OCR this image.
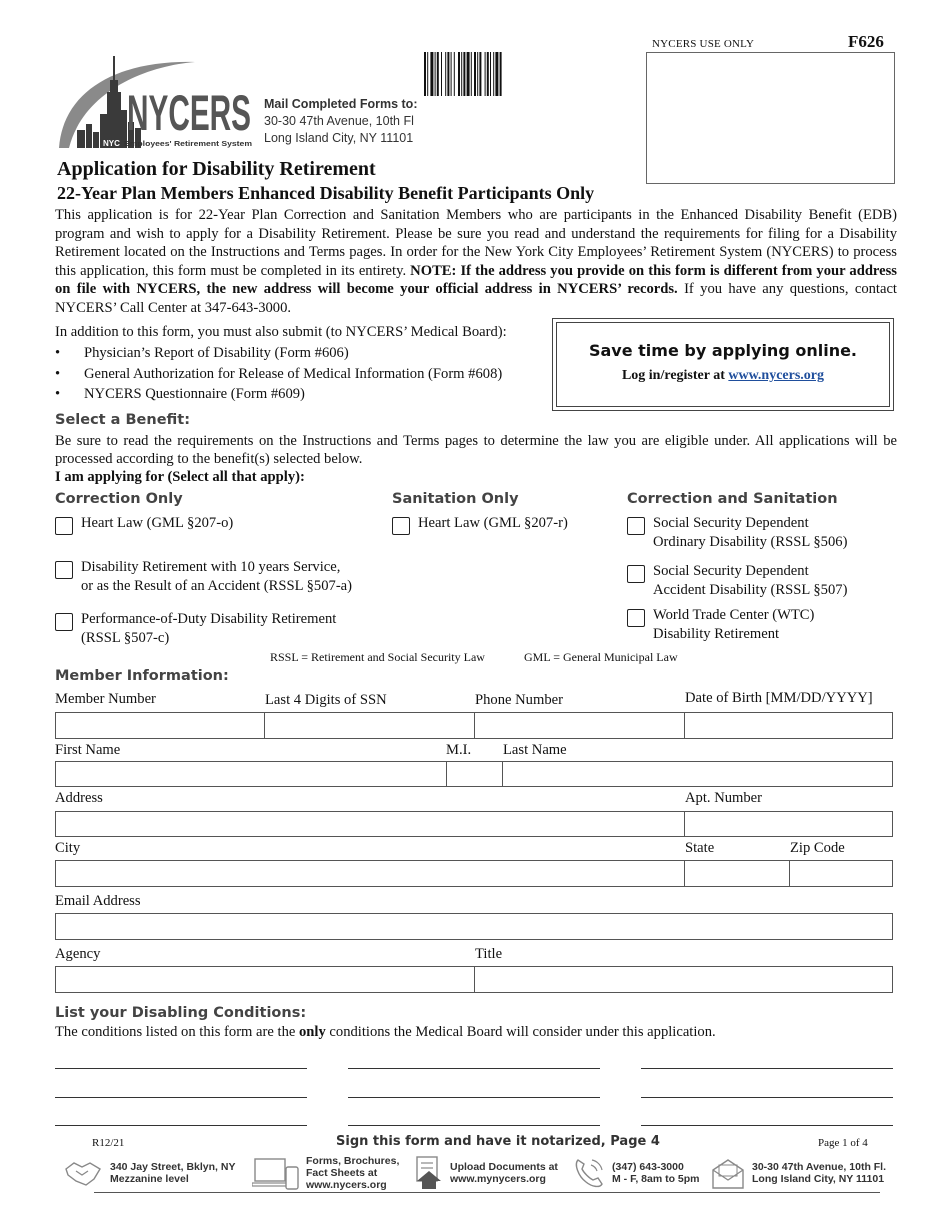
NYCERS
NYC Employees' Retirement System
Mail Completed Forms to:
30-30 47th Avenue, 10th Fl
Long Island City, NY 11101
NYCERS USE ONLY	F626
Application for Disability Retirement
22-Year Plan Members Enhanced Disability Benefit Participants Only
This application is for 22-Year Plan Correction and Sanitation Members who are participants in the Enhanced Disability Benefit (EDB) program and wish to apply for a Disability Retirement. Please be sure you read and understand the requirements for filing for a Disability Retirement located on the Instructions and Terms pages. In order for the New York City Employees’ Retirement System (NYCERS) to process this application, this form must be completed in its entirety. NOTE: If the address you provide on this form is different from your address on file with NYCERS, the new address will become your official address in NYCERS’ records. If you have any questions, contact NYCERS’ Call Center at 347-643-3000.
In addition to this form, you must also submit (to NYCERS’ Medical Board):
• Physician’s Report of Disability (Form #606)
• General Authorization for Release of Medical Information (Form #608)
• NYCERS Questionnaire (Form #609)
Save time by applying online.
Log in/register at www.nycers.org
Select a Benefit:
Be sure to read the requirements on the Instructions and Terms pages to determine the law you are eligible under. All applications will be processed according to the benefit(s) selected below.
I am applying for (Select all that apply):
Correction Only	Sanitation Only	Correction and Sanitation
Heart Law (GML §207-o)
Disability Retirement with 10 years Service,
or as the Result of an Accident (RSSL §507-a)
Performance-of-Duty Disability Retirement
(RSSL §507-c)
Heart Law (GML §207-r)	Social Security Dependent
Ordinary Disability (RSSL §506)
Social Security Dependent
Accident Disability (RSSL §507)
World Trade Center (WTC)
Disability Retirement
RSSL = Retirement and Social Security Law	GML = General Municipal Law
Member Information:
Member Number	Last 4 Digits of SSN	Phone Number	Date of Birth [MM/DD/YYYY]
First Name	M.I. Last Name
Address	Apt. Number
City	State	Zip Code
Email Address
Agency	Title
List your Disabling Conditions:
The conditions listed on this form are the only conditions the Medical Board will consider under this application.
R12/21	Sign this form and have it notarized, Page 4	Page 1 of 4
340 Jay Street, Bklyn, NY
Mezzanine level
Forms, Brochures,
Fact Sheets at
www.nycers.org
Upload Documents at
www.mynycers.org
(347) 643-3000
M - F, 8am to 5pm
30-30 47th Avenue, 10th Fl.
Long Island City, NY 11101
